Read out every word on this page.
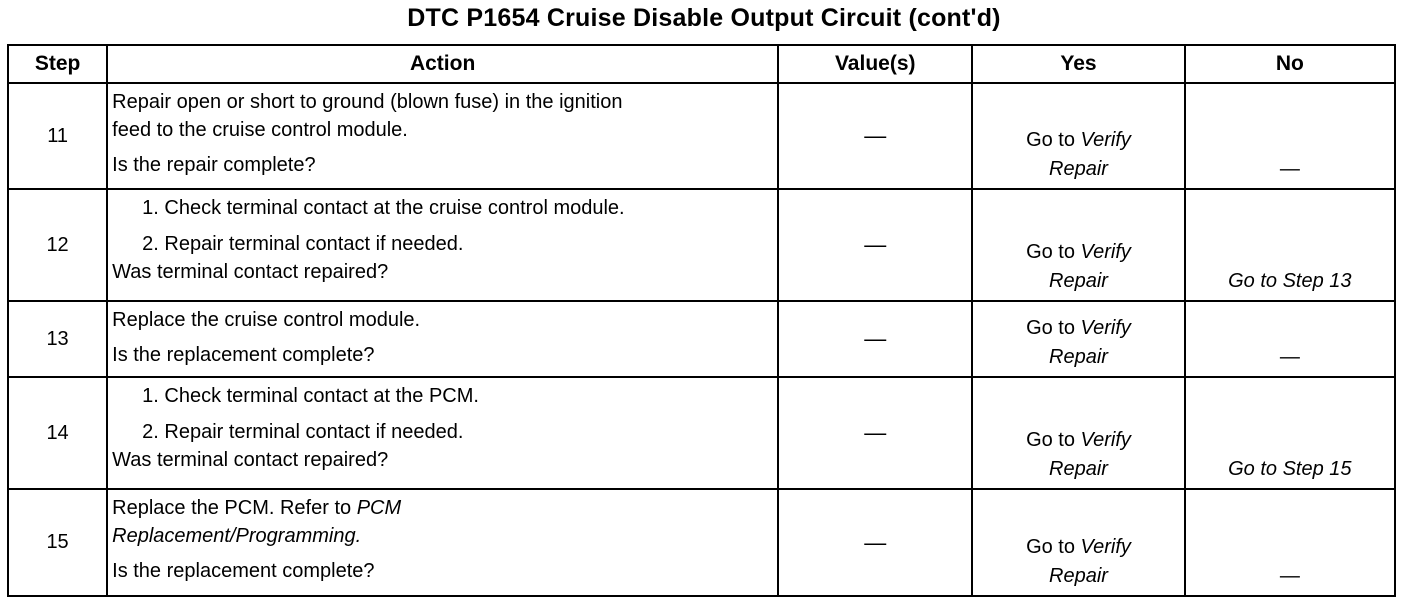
DTC P1654 Cruise Disable Output Circuit (cont'd)
Step	Action	Value(s)	Yes	No
11	Repair open or short to ground (blown fuse) in the ignition
feed to the cruise control module.
Is the repair complete?	—	Go to Verify
Repair	—
12	1. Check terminal contact at the cruise control module.
2. Repair terminal contact if needed.
Was terminal contact repaired?	—	Go to Verify
Repair	Go to Step 13
13	Replace the cruise control module.
Is the replacement complete?	—	Go to Verify
Repair	—
14	1. Check terminal contact at the PCM.
2. Repair terminal contact if needed.
Was terminal contact repaired?	—	Go to Verify
Repair	Go to Step 15
15	Replace the PCM. Refer to PCM
Replacement/Programming.
Is the replacement complete?	—	Go to Verify
Repair	—
